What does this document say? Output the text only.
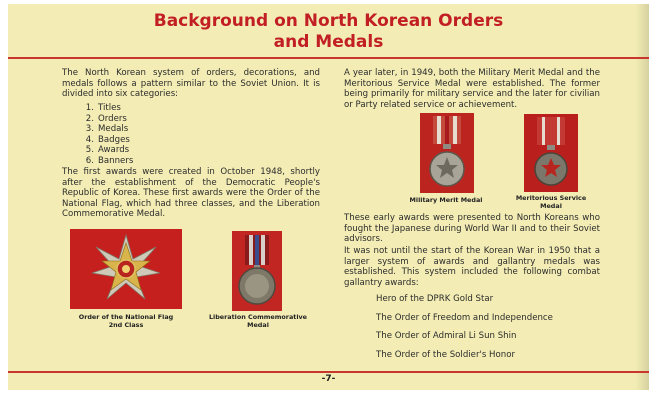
Background on North Korean Orders
and Medals

The North Korean system of orders, decorations, and medals follows a pattern similar to the Soviet Union. It is divided into six categories:

1. Titles
2. Orders
3. Medals
4. Badges
5. Awards
6. Banners

The first awards were created in October 1948, shortly after the establishment of the Democratic People's Republic of Korea. These first awards were the Order of the National Flag, which had three classes, and the Liberation Commemorative Medal.

Order of the National Flag
2nd Class

Liberation Commemorative
Medal

A year later, in 1949, both the Military Merit Medal and the Meritorious Service Medal were established. The former being primarily for military service and the later for civilian or Party related service or achievement.

Military Merit Medal	Meritorious Service
Medal

These early awards were presented to North Koreans who fought the Japanese during World War II and to their Soviet advisors.

It was not until the start of the Korean War in 1950 that a larger system of awards and gallantry medals was established. This system included the following combat gallantry awards:

Hero of the DPRK Gold Star

The Order of Freedom and Independence

The Order of Admiral Li Sun Shin

The Order of the Soldier's Honor

-7-
